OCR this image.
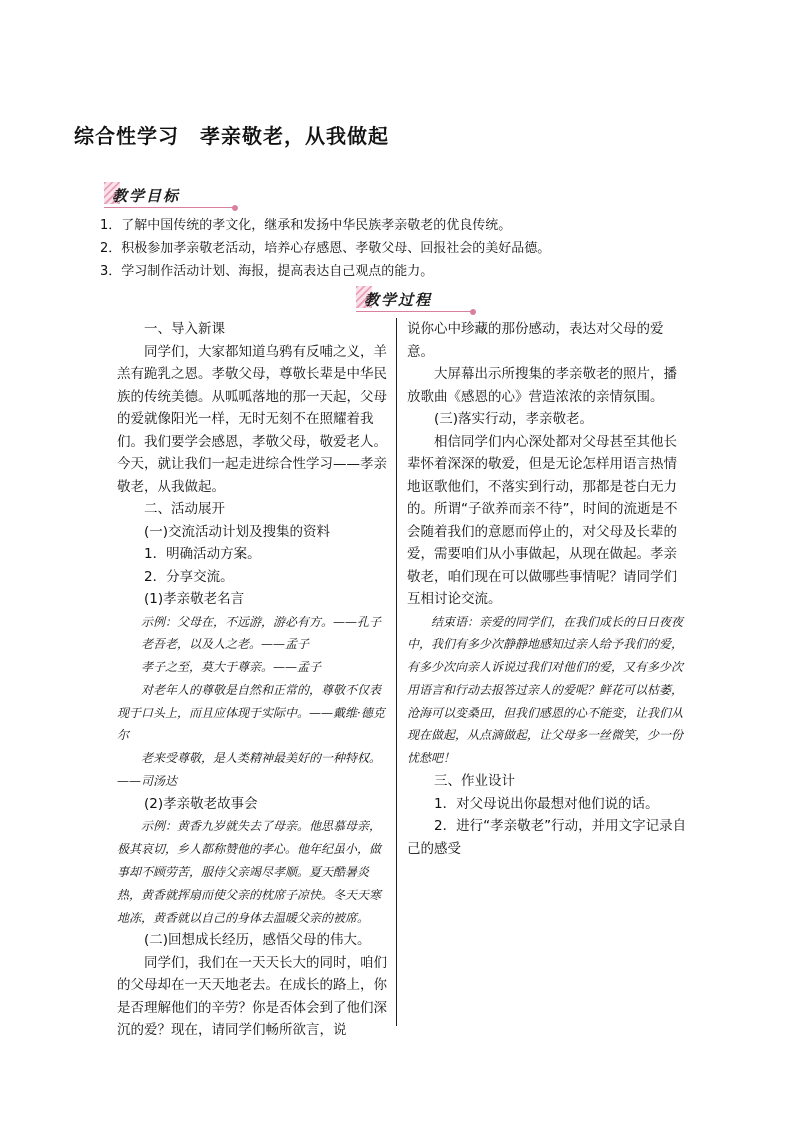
综合性学习　孝亲敬老，从我做起
教学目标
1．了解中国传统的孝文化，继承和发扬中华民族孝亲敬老的优良传统。
2．积极参加孝亲敬老活动，培养心存感恩、孝敬父母、回报社会的美好品德。
3．学习制作活动计划、海报，提高表达自己观点的能力。
教学过程

一、导入新课

同学们，大家都知道乌鸦有反哺之义，羊羔有跪乳之恩。孝敬父母，尊敬长辈是中华民族的传统美德。从呱呱落地的那一天起，父母的爱就像阳光一样，无时无刻不在照耀着我们。我们要学会感恩，孝敬父母，敬爱老人。今天，就让我们一起走进综合性学习——孝亲敬老，从我做起。

二、活动展开

(一)交流活动计划及搜集的资料

1．明确活动方案。

2．分享交流。

(1)孝亲敬老名言

示例：父母在，不远游，游必有方。——孔子

老吾老，以及人之老。——孟子

孝子之至，莫大于尊亲。——孟子

对老年人的尊敬是自然和正常的，尊敬不仅表现于口头上，而且应体现于实际中。——戴维·德克尔

老来受尊敬，是人类精神最美好的一种特权。——司汤达

(2)孝亲敬老故事会

示例：黄香九岁就失去了母亲。他思慕母亲，极其哀切，乡人都称赞他的孝心。他年纪虽小，做事却不顾劳苦，服侍父亲竭尽孝顺。夏天酷暑炎热，黄香就挥扇而使父亲的枕席子凉快。冬天天寒地冻，黄香就以自己的身体去温暖父亲的被席。

(二)回想成长经历，感悟父母的伟大。

同学们，我们在一天天长大的同时，咱们的父母却在一天天地老去。在成长的路上，你是否理解他们的辛劳？你是否体会到了他们深沉的爱？现在，请同学们畅所欲言，说

说你心中珍藏的那份感动，表达对父母的爱意。

大屏幕出示所搜集的孝亲敬老的照片，播放歌曲《感恩的心》营造浓浓的亲情氛围。

(三)落实行动，孝亲敬老。

相信同学们内心深处都对父母甚至其他长辈怀着深深的敬爱，但是无论怎样用语言热情地讴歌他们，不落实到行动，那都是苍白无力的。所谓“子欲养而亲不待”，时间的流逝是不会随着我们的意愿而停止的，对父母及长辈的爱，需要咱们从小事做起，从现在做起。孝亲敬老，咱们现在可以做哪些事情呢？请同学们互相讨论交流。

结束语：亲爱的同学们，在我们成长的日日夜夜中，我们有多少次静静地感知过亲人给予我们的爱，有多少次向亲人诉说过我们对他们的爱，又有多少次用语言和行动去报答过亲人的爱呢？鲜花可以枯萎，沧海可以变桑田，但我们感恩的心不能变，让我们从现在做起，从点滴做起，让父母多一丝微笑，少一份忧愁吧！

三、作业设计

1．对父母说出你最想对他们说的话。

2．进行“孝亲敬老”行动，并用文字记录自己的感受
